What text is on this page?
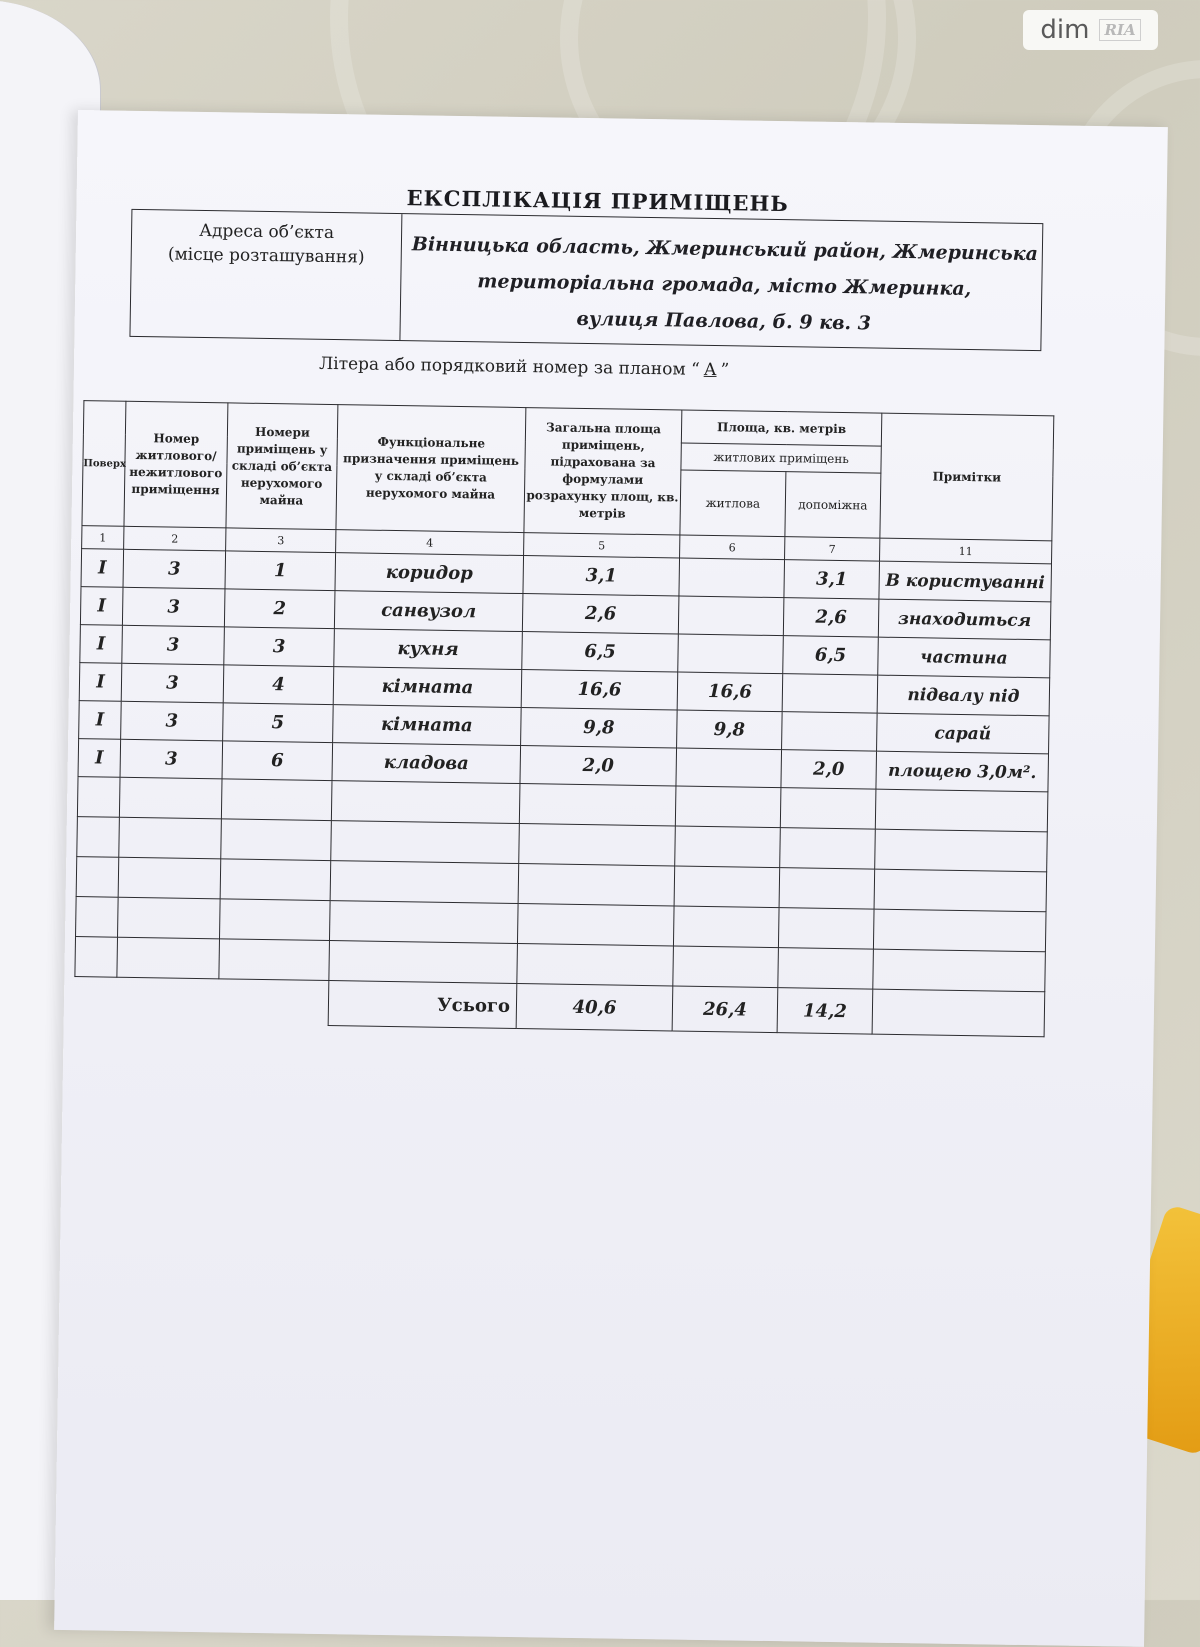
ЕКСПЛІКАЦІЯ ПРИМІЩЕНЬ
Адреса об’єкта
(місце розташування)	Вінницька область, Жмеринський район, Жмеринська
територіальна громада, місто Жмеринка,
вулиця Павлова, б. 9 кв. 3
Літера або порядковий номер за планом “ А ”
Поверх	Номер житлового/ нежитлового приміщення	Номери приміщень у складі об’єкта нерухомого майна	Функціональне призначення приміщень у складі об’єкта нерухомого майна	Загальна площа приміщень, підрахована за формулами розрахунку площ, кв. метрів	Площа, кв. метрів		Примітки
					житлових приміщень		
					житлова	допоміжна	
1	2	3	4	5	6	7	11
I	3	1	коридор	3,1		3,1	В користуванні
I	3	2	санвузол	2,6		2,6	знаходиться
I	3	3	кухня	6,5		6,5	частина
I	3	4	кімната	16,6	16,6		підвалу під
I	3	5	кімната	9,8	9,8		сарай
I	3	6	кладова	2,0		2,0	площею 3,0м².

			Усього	40,6	26,4	14,2	
dim	RIA
